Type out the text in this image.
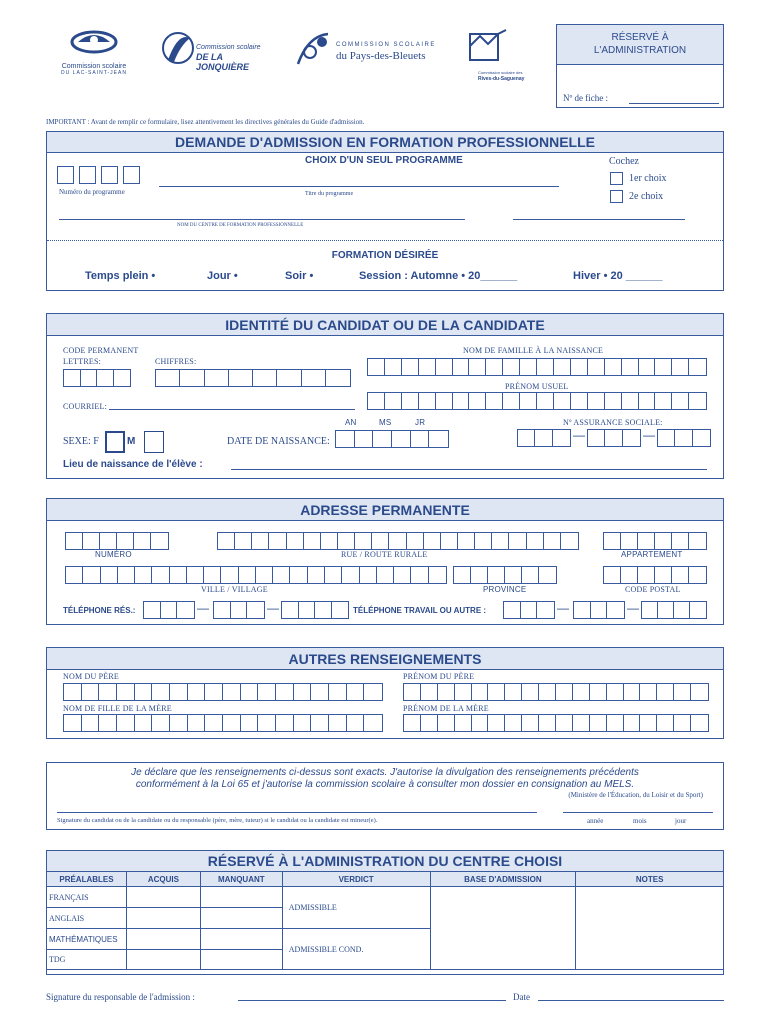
Commission scolaire
DU LAC-SAINT-JEAN
Commission scolaire
DE LA JONQUIÈRE
COMMISSION SCOLAIRE
du Pays-des-Bleuets
Commission scolaire des
Rives-du-Saguenay
RÉSERVÉ À L'ADMINISTRATION
Nº de fiche :
IMPORTANT : Avant de remplir ce formulaire, lisez attentivement les directives générales du Guide d'admission.
DEMANDE D'ADMISSION EN FORMATION PROFESSIONNELLE
CHOIX D'UN SEUL PROGRAMME
Numéro du programme	Titre du programme
Cochez
1er choix
2e choix
NOM DU CENTRE DE FORMATION PROFESSIONNELLE
FORMATION DÉSIRÉE
Temps plein •	Jour •	Soir •	Session : Automne • 20______	Hiver • 20 ______
IDENTITÉ DU CANDIDAT OU DE LA CANDIDATE
CODE PERMANENT
LETTRES:	CHIFFRES:
NOM DE FAMILLE À LA NAISSANCE
PRÉNOM USUEL
COURRIEL:
AN	MS	JR	Nº ASSURANCE SOCIALE:
SEXE: F	M	DATE DE NAISSANCE:	—	—
Lieu de naissance de l'élève :
ADRESSE PERMANENTE
NUMÉRO	RUE / ROUTE RURALE	APPARTEMENT
VILLE / VILLAGE	PROVINCE	CODE POSTAL
TÉLÉPHONE RÉS.:	—	—	TÉLÉPHONE TRAVAIL OU AUTRE :	—	—
AUTRES RENSEIGNEMENTS
NOM DU PÈRE	PRÉNOM DU PÈRE
NOM DE FILLE DE LA MÈRE	PRÉNOM DE LA MÈRE
Je déclare que les renseignements ci-dessus sont exacts. J'autorise la divulgation des renseignements précédents
conformément à la Loi 65 et j'autorise la commission scolaire à consulter mon dossier en consignation au MELS.
(Ministère de l'Éducation, du Loisir et du Sport)
Signature du candidat ou de la candidate ou du responsable (père, mère, tuteur) si le candidat ou la candidate est mineur(e).	année	mois	jour
RÉSERVÉ À L'ADMINISTRATION DU CENTRE CHOISI
PRÉALABLES	ACQUIS	MANQUANT	VERDICT	BASE D'ADMISSION	NOTES
FRANÇAIS			ADMISSIBLE		
ANGLAIS					
MATHÉMATIQUES			ADMISSIBLE COND.		
TDG					
Signature du responsable de l'admission :	Date
